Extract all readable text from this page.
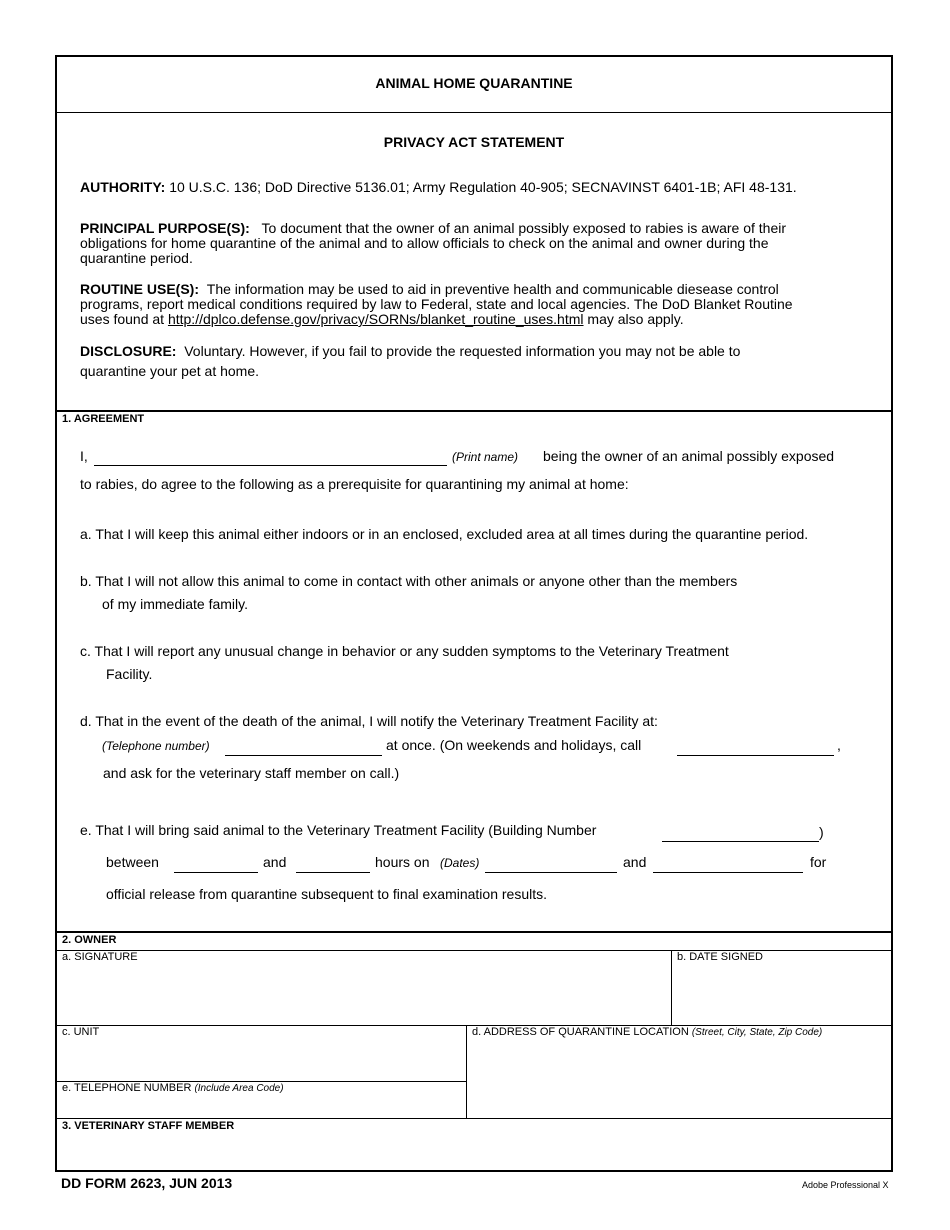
ANIMAL HOME QUARANTINE
PRIVACY ACT STATEMENT
AUTHORITY: 10 U.S.C. 136; DoD Directive 5136.01; Army Regulation 40-905; SECNAVINST 6401-1B; AFI 48-131.
PRINCIPAL PURPOSE(S): To document that the owner of an animal possibly exposed to rabies is aware of their
obligations for home quarantine of the animal and to allow officials to check on the animal and owner during the
quarantine period.
ROUTINE USE(S): The information may be used to aid in preventive health and communicable diesease control
programs, report medical conditions required by law to Federal, state and local agencies. The DoD Blanket Routine
uses found at http://dplco.defense.gov/privacy/SORNs/blanket_routine_uses.html may also apply.
DISCLOSURE: Voluntary. However, if you fail to provide the requested information you may not be able to
quarantine your pet at home.
1. AGREEMENT
I,	(Print name) being the owner of an animal possibly exposed
to rabies, do agree to the following as a prerequisite for quarantining my animal at home:
a. That I will keep this animal either indoors or in an enclosed, excluded area at all times during the quarantine period.
b. That I will not allow this animal to come in contact with other animals or anyone other than the members
of my immediate family.
c. That I will report any unusual change in behavior or any sudden symptoms to the Veterinary Treatment
Facility.
d. That in the event of the death of the animal, I will notify the Veterinary Treatment Facility at:
(Telephone number)	at once. (On weekends and holidays, call	,
and ask for the veterinary staff member on call.)
e. That I will bring said animal to the Veterinary Treatment Facility (Building Number	)
between	and	hours on (Dates)	and	for
official release from quarantine subsequent to final examination results.
2. OWNER
a. SIGNATURE	b. DATE SIGNED
c. UNIT	d. ADDRESS OF QUARANTINE LOCATION (Street, City, State, Zip Code)
e. TELEPHONE NUMBER (Include Area Code)
3. VETERINARY STAFF MEMBER
DD FORM 2623, JUN 2013	Adobe Professional X
